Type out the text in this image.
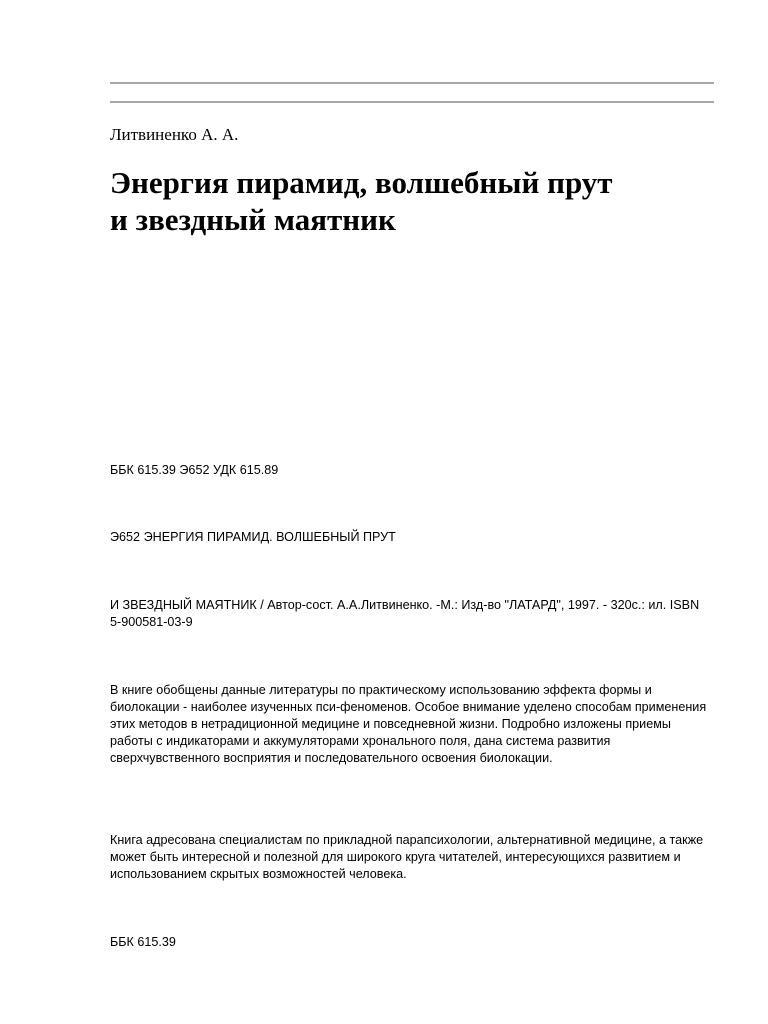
Литвиненко А. А.
Энергия пирамид, волшебный прут
и звездный маятник

ББК 615.39 Э652 УДК 615.89

Э652 ЭНЕРГИЯ ПИРАМИД. ВОЛШЕБНЫЙ ПРУТ

И ЗВЕЗДНЫЙ МАЯТНИК / Автор-сост. А.А.Литвиненко. -М.: Изд-во "ЛАТАРД", 1997. - 320с.: ил. ISBN 5-900581-03-9

В книге обобщены данные литературы по практическому использованию эффекта формы и биолокации - наиболее изученных пси-феноменов. Особое внимание уделено способам применения этих методов в нетрадиционной медицине и повседневной жизни. Подробно изложены приемы работы с индикаторами и аккумуляторами хронального поля, дана система развития сверхчувственного восприятия и последовательного освоения биолокации.

Книга адресована специалистам по прикладной парапсихологии, альтернативной медицине, а также может быть интересной и полезной для широкого круга читателей, интересующихся развитием и использованием скрытых возможностей человека.

ББК 615.39
